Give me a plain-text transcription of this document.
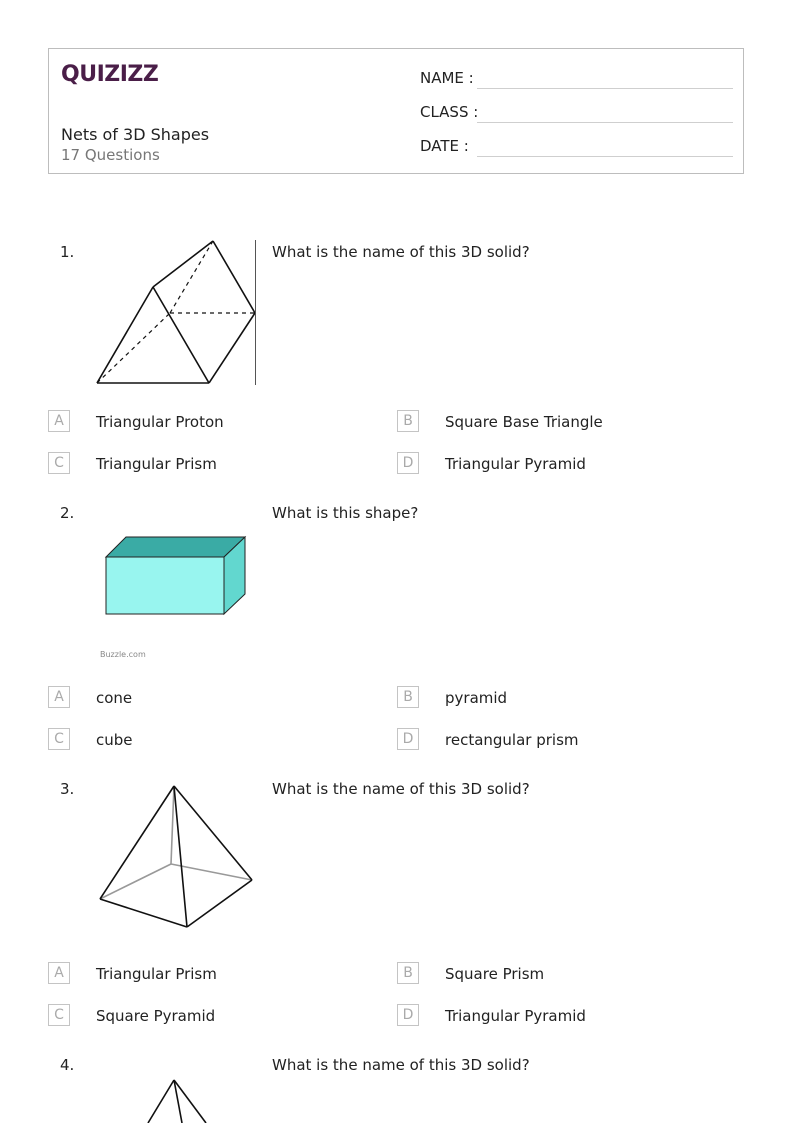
QUIZIZZ
Nets of 3D Shapes
17 Questions
NAME :
CLASS :
DATE :
1.	What is the name of this 3D solid?
A	Triangular Proton	B	Square Base Triangle
C	Triangular Prism	D	Triangular Pyramid
2.	What is this shape?
Buzzle.com
A	cone	B	pyramid
C	cube	D	rectangular prism
3.	What is the name of this 3D solid?
A	Triangular Prism	B	Square Prism
C	Square Pyramid	D	Triangular Pyramid
4.	What is the name of this 3D solid?
